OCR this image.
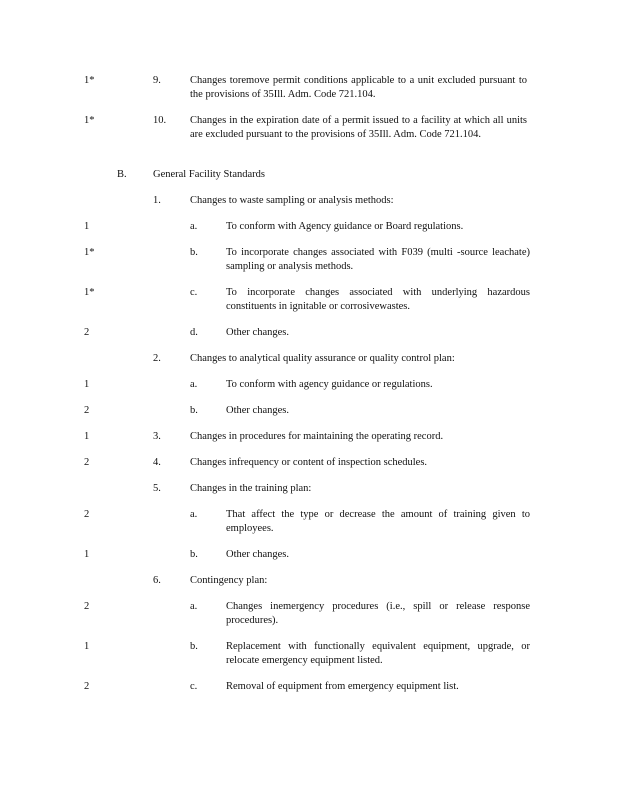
1*	9.	Changes toremove permit conditions applicable to a unit excluded pursuant to the provisions of 35Ill. Adm. Code 721.104.
1*	10. Changes in the expiration date of a permit issued to a facility at which all units are excluded pursuant to the provisions of 35Ill. Adm. Code 721.104.
B.	General Facility Standards
1.	Changes to waste sampling or analysis methods:
1	a.	To conform with Agency guidance or Board regulations.
1*	b.	To incorporate changes associated with F039 (multi -source leachate) sampling or analysis methods.
1*	c.	To incorporate changes associated with underlying hazardous constituents in ignitable or corrosivewastes.
2	d.	Other changes.
2.	Changes to analytical quality assurance or quality control plan:
1	a.	To conform with agency guidance or regulations.
2	b.	Other changes.
1	3.	Changes in procedures for maintaining the operating record.
2	4.	Changes infrequency or content of inspection schedules.
5.	Changes in the training plan:
2	a.	That affect the type or decrease the amount of training given to employees.
1	b.	Other changes.
6.	Contingency plan:
2	a.	Changes inemergency procedures (i.e., spill or release response procedures).
1	b.	Replacement with functionally equivalent equipment, upgrade, or relocate emergency equipment listed.
2	c.	Removal of equipment from emergency equipment list.
